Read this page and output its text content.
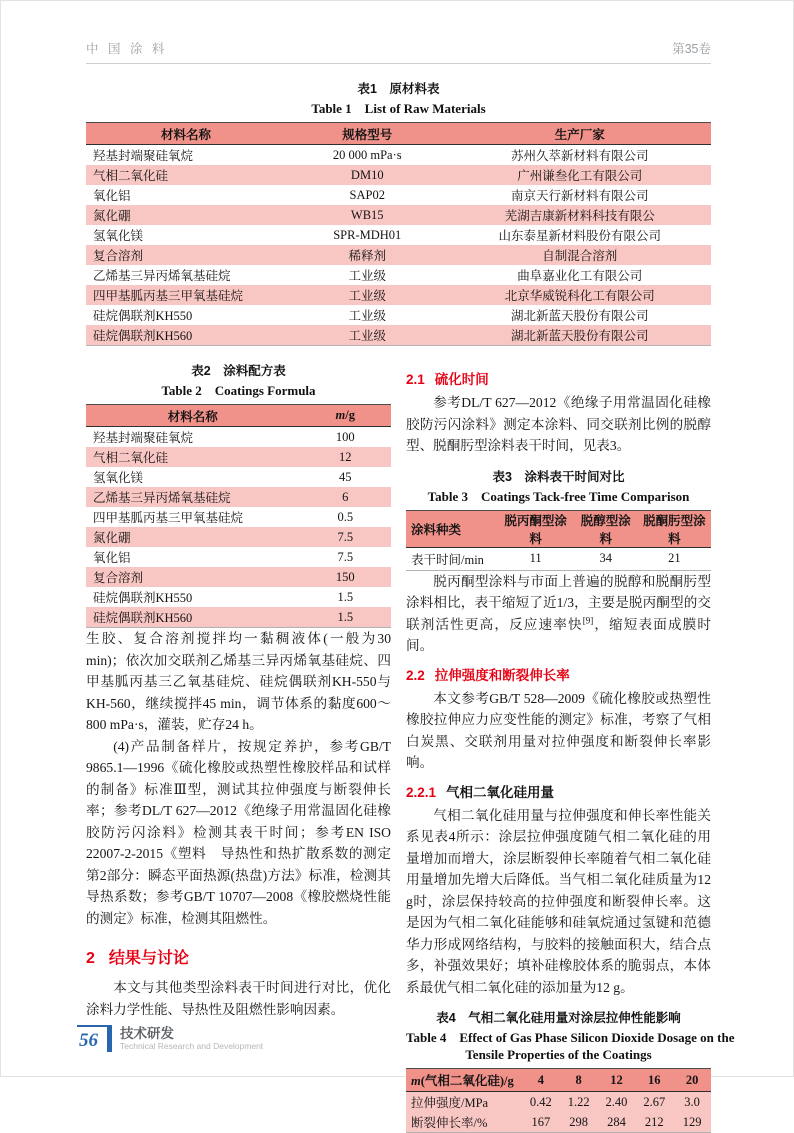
中 国 涂 料	第35卷
表1　原材料表
Table 1　List of Raw Materials
材料名称	规格型号	生产厂家
羟基封端聚硅氧烷	20 000 mPa·s	苏州久萃新材料有限公司
气相二氧化硅	DM10	广州谦叁化工有限公司
氧化铝	SAP02	南京天行新材料有限公司
氮化硼	WB15	芜湖吉康新材料科技有限公
氢氧化镁	SPR-MDH01	山东泰星新材料股份有限公司
复合溶剂	稀释剂	自制混合溶剂
乙烯基三异丙烯氧基硅烷	工业级	曲阜嘉业化工有限公司
四甲基胍丙基三甲氧基硅烷	工业级	北京华威锐科化工有限公司
硅烷偶联剂KH550	工业级	湖北新蓝天股份有限公司
硅烷偶联剂KH560	工业级	湖北新蓝天股份有限公司
表2　涂料配方表
Table 2　Coatings Formula
材料名称	m/g
羟基封端聚硅氧烷	100
气相二氧化硅	12
氢氧化镁	45
乙烯基三异丙烯氧基硅烷	6
四甲基胍丙基三甲氧基硅烷	0.5
氮化硼	7.5
氧化铝	7.5
复合溶剂	150
硅烷偶联剂KH550	1.5
硅烷偶联剂KH560	1.5

生胶、复合溶剂搅拌均一黏稠液体(一般为30 min)；依次加交联剂乙烯基三异丙烯氧基硅烷、四甲基胍丙基三乙氧基硅烷、硅烷偶联剂KH-550与KH-560，继续搅拌45 min，调节体系的黏度600～800 mPa·s，灌装，贮存24 h。

(4)产品制备样片，按规定养护，参考GB/T 9865.1—1996《硫化橡胶或热塑性橡胶样品和试样的制备》标准Ⅲ型，测试其拉伸强度与断裂伸长率；参考DL/T 627—2012《绝缘子用常温固化硅橡胶防污闪涂料》检测其表干时间；参考EN ISO 22007-2-2015《塑料　导热性和热扩散系数的测定　第2部分：瞬态平面热源(热盘)方法》标准，检测其导热系数；参考GB/T 10707—2008《橡胶燃烧性能的测定》标准，检测其阻燃性。

2 结果与讨论

本文与其他类型涂料表干时间进行对比，优化涂料力学性能、导热性及阻燃性影响因素。

2.1 硫化时间

参考DL/T 627—2012《绝缘子用常温固化硅橡胶防污闪涂料》测定本涂料、同交联剂比例的脱醇型、脱酮肟型涂料表干时间，见表3。

表3　涂料表干时间对比
Table 3　Coatings Tack-free Time Comparison
涂料种类	脱丙酮型涂料	脱醇型涂料	脱酮肟型涂料
表干时间/min	11	34	21

脱丙酮型涂料与市面上普遍的脱醇和脱酮肟型涂料相比，表干缩短了近1/3，主要是脱丙酮型的交联剂活性更高，反应速率快[9]，缩短表面成膜时间。

2.2 拉伸强度和断裂伸长率

本文参考GB/T 528—2009《硫化橡胶或热塑性橡胶拉伸应力应变性能的测定》标准，考察了气相白炭黑、交联剂用量对拉伸强度和断裂伸长率影响。

2.2.1 气相二氧化硅用量

气相二氧化硅用量与拉伸强度和伸长率性能关系见表4所示：涂层拉伸强度随气相二氧化硅的用量增加而增大，涂层断裂伸长率随着气相二氧化硅用量增加先增大后降低。当气相二氧化硅质量为12 g时，涂层保持较高的拉伸强度和断裂伸长率。这是因为气相二氧化硅能够和硅氧烷通过氢键和范德华力形成网络结构，与胶料的接触面积大，结合点多，补强效果好；填补硅橡胶体系的脆弱点，本体系最优气相二氧化硅的添加量为12 g。

表4　气相二氧化硅用量对涂层拉伸性能影响
Table 4　Effect of Gas Phase Silicon Dioxide Dosage on the
Tensile Properties of the Coatings
m(气相二氧化硅)/g	4	8	12	16	20
拉伸强度/MPa	0.42	1.22	2.40	2.67	3.0
断裂伸长率/%	167	298	284	212	129
56	技术研发
Technical Research and Development
